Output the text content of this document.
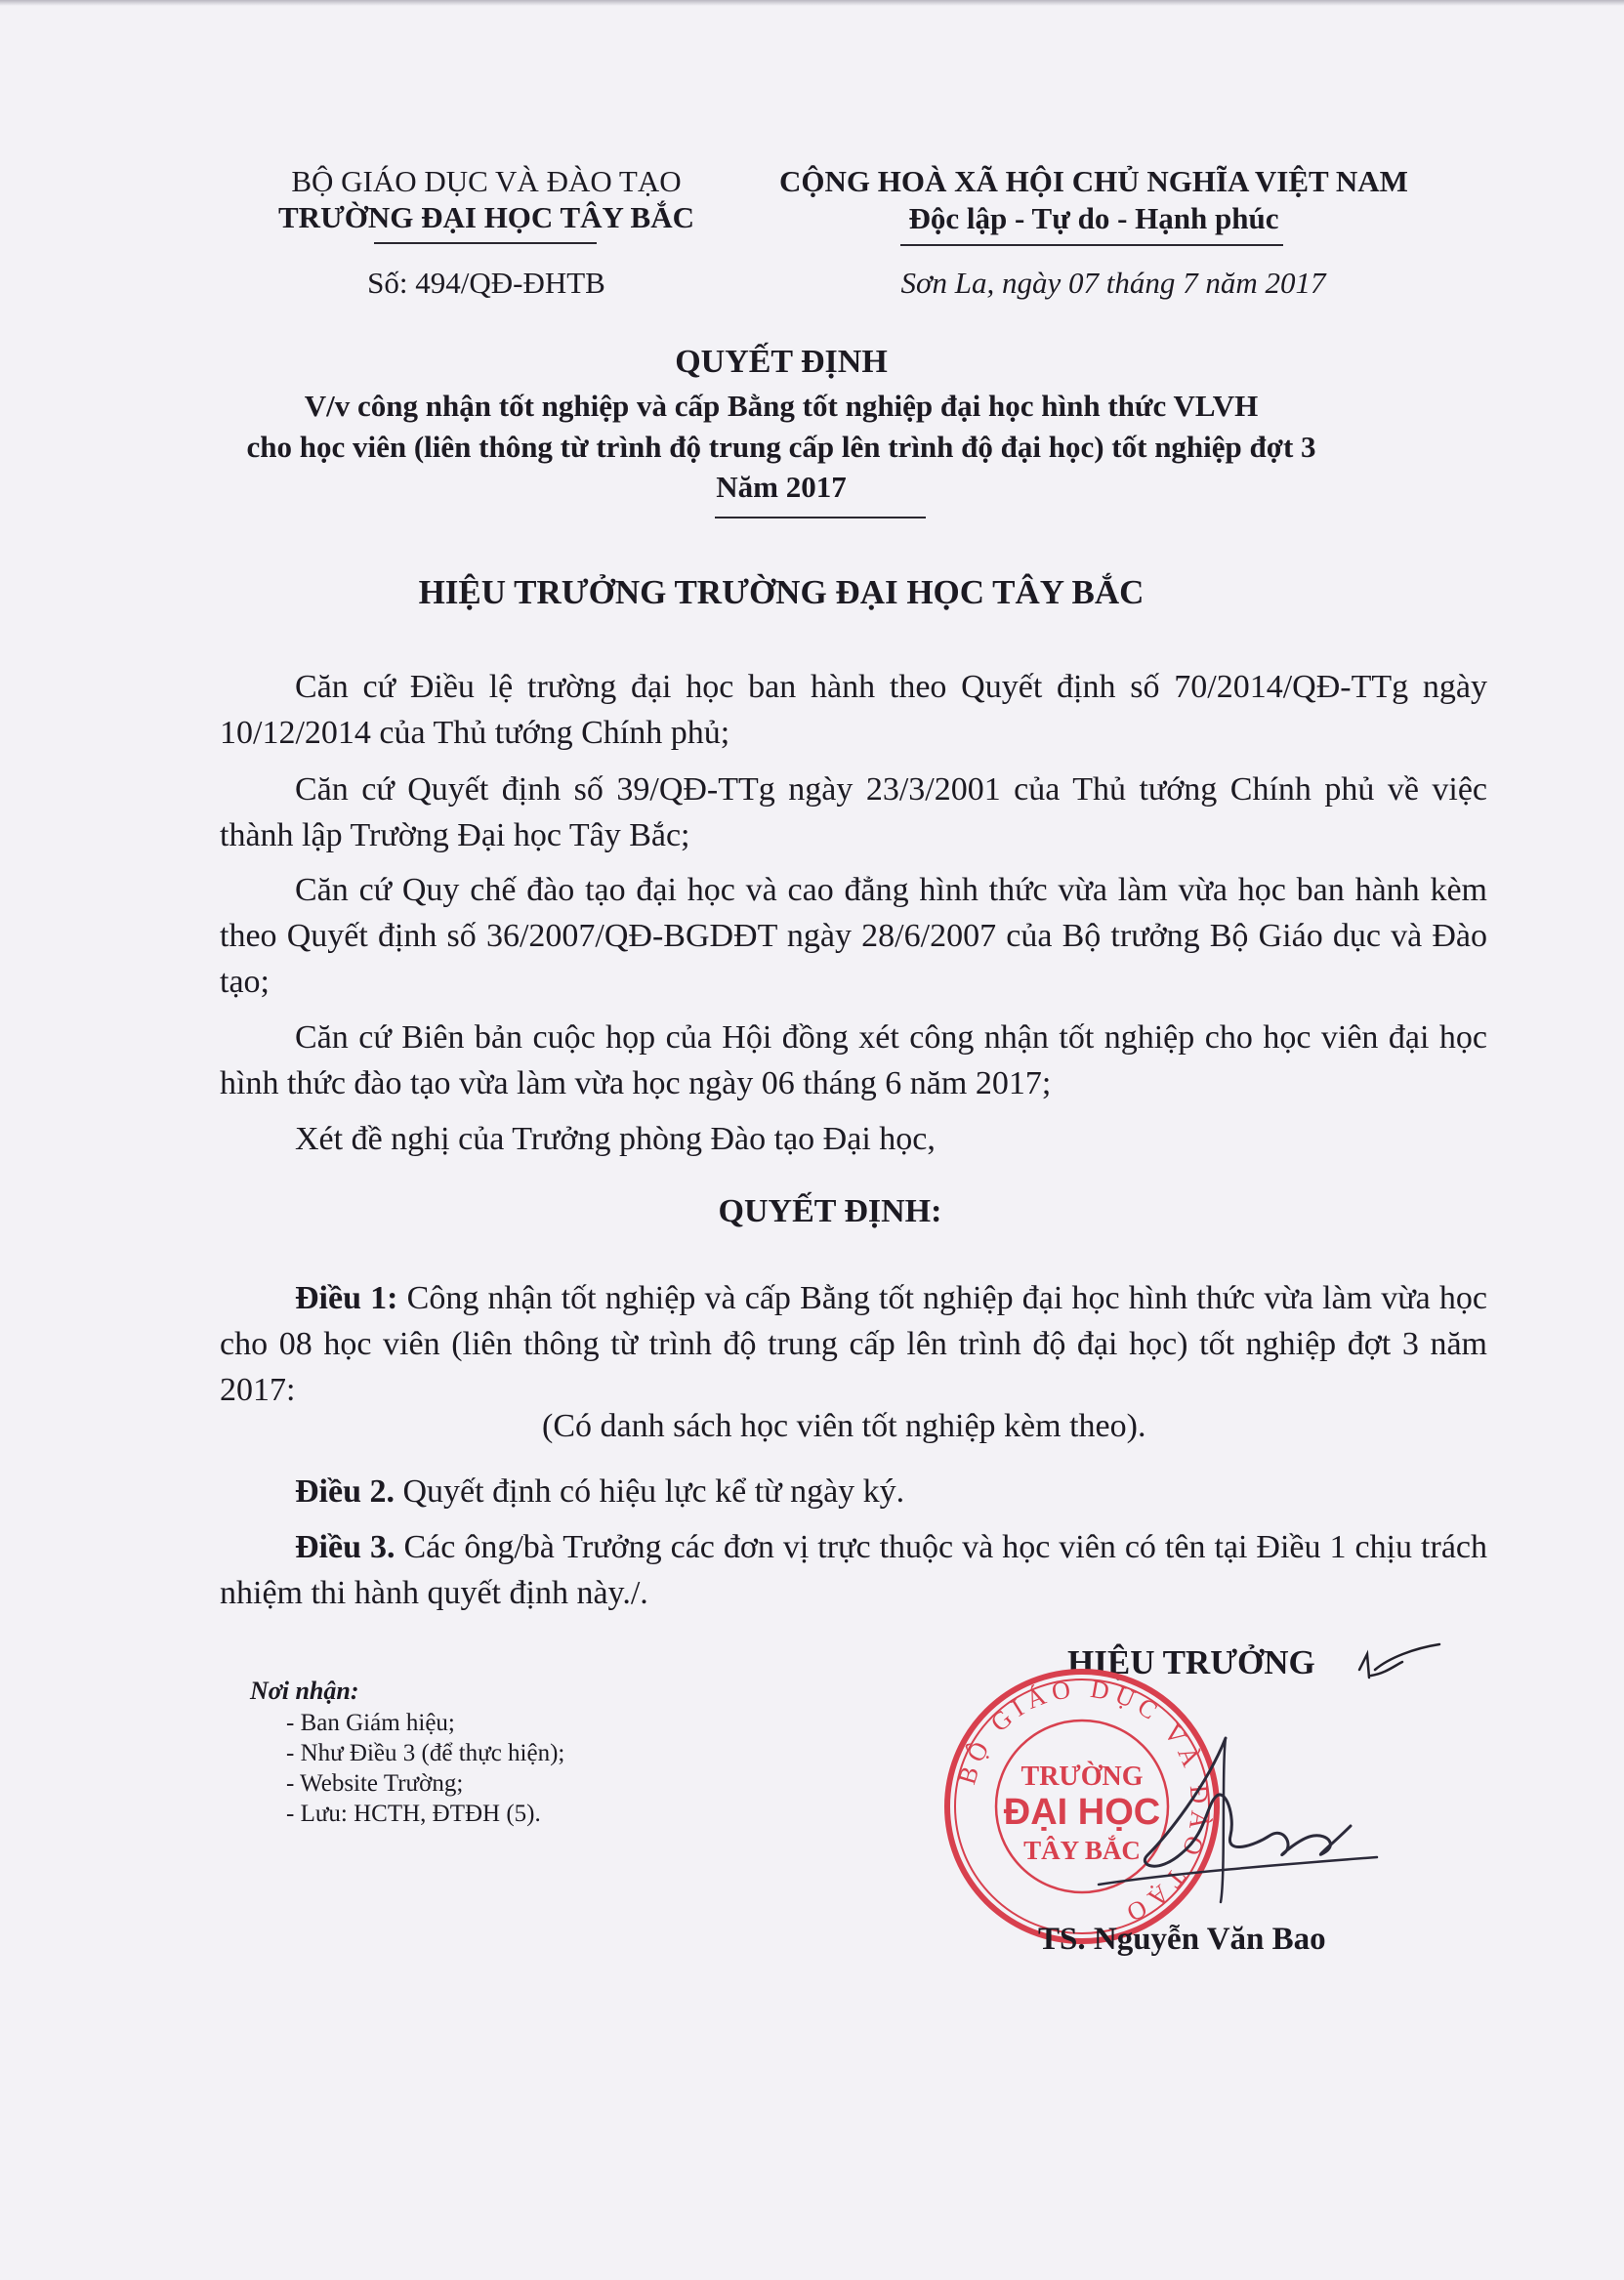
BỘ GIÁO DỤC VÀ ĐÀO TẠO
TRƯỜNG ĐẠI HỌC TÂY BẮC
Số: 494/QĐ-ĐHTB
CỘNG HOÀ XÃ HỘI CHỦ NGHĨA VIỆT NAM
Độc lập - Tự do - Hạnh phúc
Sơn La, ngày 07 tháng 7 năm 2017
QUYẾT ĐỊNH
V/v công nhận tốt nghiệp và cấp Bằng tốt nghiệp đại học hình thức VLVH
cho học viên (liên thông từ trình độ trung cấp lên trình độ đại học) tốt nghiệp đợt 3
Năm 2017
HIỆU TRƯỞNG TRƯỜNG ĐẠI HỌC TÂY BẮC
Căn cứ Điều lệ trường đại học ban hành theo Quyết định số 70/2014/QĐ-TTg ngày 10/12/2014 của Thủ tướng Chính phủ;
Căn cứ Quyết định số 39/QĐ-TTg ngày 23/3/2001 của Thủ tướng Chính phủ về việc thành lập Trường Đại học Tây Bắc;
Căn cứ Quy chế đào tạo đại học và cao đẳng hình thức vừa làm vừa học ban hành kèm theo Quyết định số 36/2007/QĐ-BGDĐT ngày 28/6/2007 của Bộ trưởng Bộ Giáo dục và Đào tạo;
Căn cứ Biên bản cuộc họp của Hội đồng xét công nhận tốt nghiệp cho học viên đại học hình thức đào tạo vừa làm vừa học ngày 06 tháng 6 năm 2017;
Xét đề nghị của Trưởng phòng Đào tạo Đại học,
QUYẾT ĐỊNH:
Điều 1: Công nhận tốt nghiệp và cấp Bằng tốt nghiệp đại học hình thức vừa làm vừa học cho 08 học viên (liên thông từ trình độ trung cấp lên trình độ đại học) tốt nghiệp đợt 3 năm 2017:
(Có danh sách học viên tốt nghiệp kèm theo).
Điều 2. Quyết định có hiệu lực kể từ ngày ký.
Điều 3. Các ông/bà Trưởng các đơn vị trực thuộc và học viên có tên tại Điều 1 chịu trách nhiệm thi hành quyết định này./.
Nơi nhận:
- Ban Giám hiệu;
- Như Điều 3 (để thực hiện);
- Website Trường;
- Lưu: HCTH, ĐTĐH (5).
HIỆU TRƯỞNG
BỘ GIÁO DỤC VÀ ĐÀO TẠO
TRƯỜNG
ĐẠI HỌC
TÂY BẮC
TS. Nguyễn Văn Bao
